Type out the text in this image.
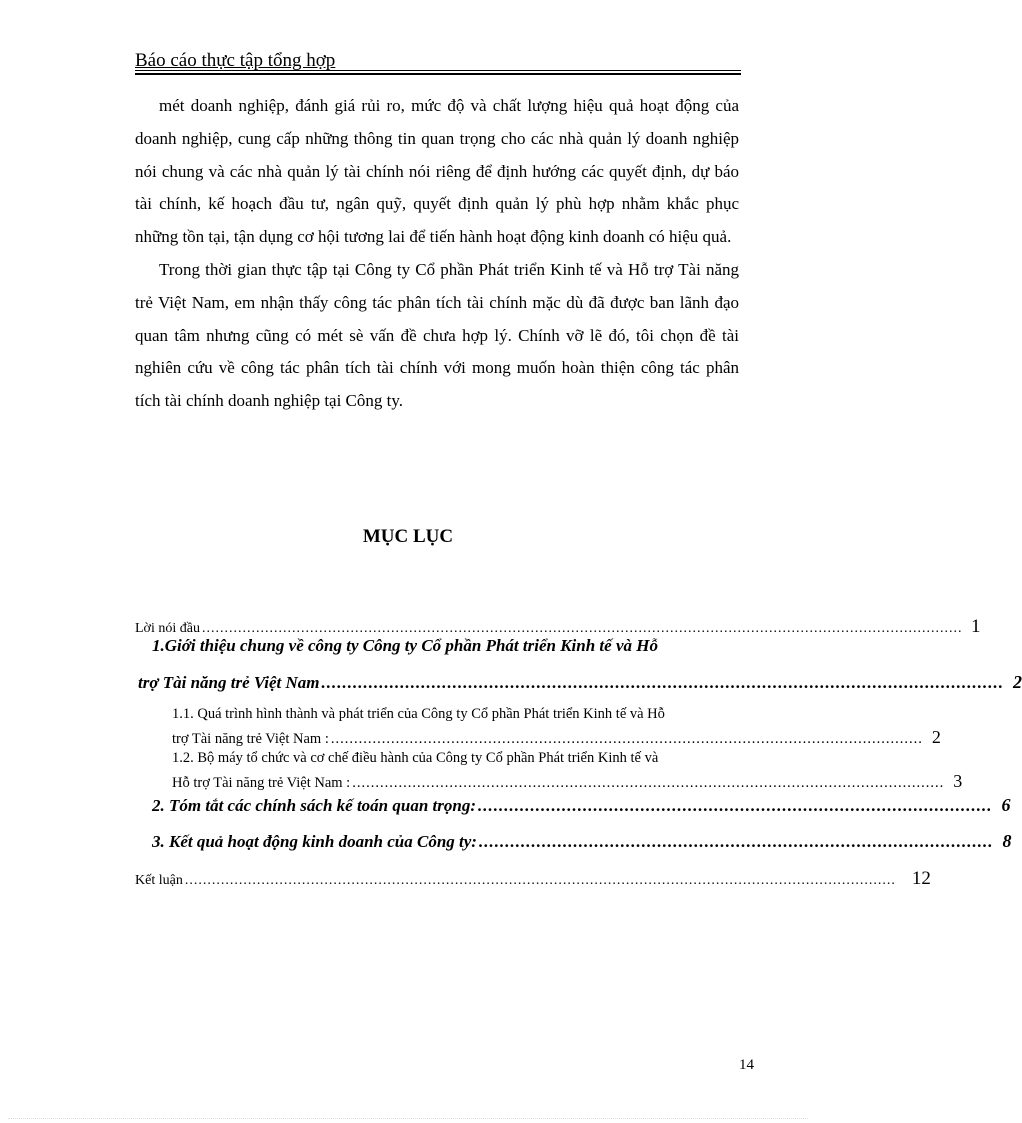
Báo cáo thực tập tổng hợp

mét doanh nghiệp, đánh giá rủi ro, mức độ và chất lượng hiệu quả hoạt động của doanh nghiệp, cung cấp những thông tin quan trọng cho các nhà quản lý doanh nghiệp nói chung và các nhà quản lý tài chính nói riêng để định hướng các quyết định, dự báo tài chính, kế hoạch đầu tư, ngân quỹ, quyết định quản lý phù hợp nhằm khắc phục những tồn tại, tận dụng cơ hội tương lai để tiến hành hoạt động kinh doanh có hiệu quả.

Trong thời gian thực tập tại Công ty Cổ phần Phát triển Kinh tế và Hỗ trợ Tài năng trẻ Việt Nam, em nhận thấy công tác phân tích tài chính mặc dù đã được ban lãnh đạo quan tâm nhưng cũng có mét sè vấn đề chưa hợp lý. Chính vỡ lẽ đó, tôi chọn đề tài nghiên cứu về công tác phân tích tài chính với mong muốn hoàn thiện công tác phân tích tài chính doanh nghiệp tại Công ty.

MỤC LỤC
Lời nói đầu ......................................................................................................................................................................... 1
1.Giới thiệu chung về công ty Công ty Cổ phần Phát triển Kinh tế và Hỗ
trợ Tài năng trẻ Việt Nam .................................................................................................................................. 2
1.1. Quá trình hình thành và phát triển của Công ty Cổ phần Phát triển Kinh tế và Hỗ
trợ Tài năng trẻ Việt Nam : ................................................................................................................................ 2
1.2. Bộ máy tổ chức và cơ chế điều hành của Công ty Cổ phần Phát triển Kinh tế và
Hỗ trợ Tài năng trẻ Việt Nam : ................................................................................................................................ 3
2. Tóm tắt các chính sách kế toán quan trọng: .................................................................................................. 6
3. Kết quả hoạt động kinh doanh của Công ty: .................................................................................................. 8
Kết luận .............................................................................................................................................................. 12
14
